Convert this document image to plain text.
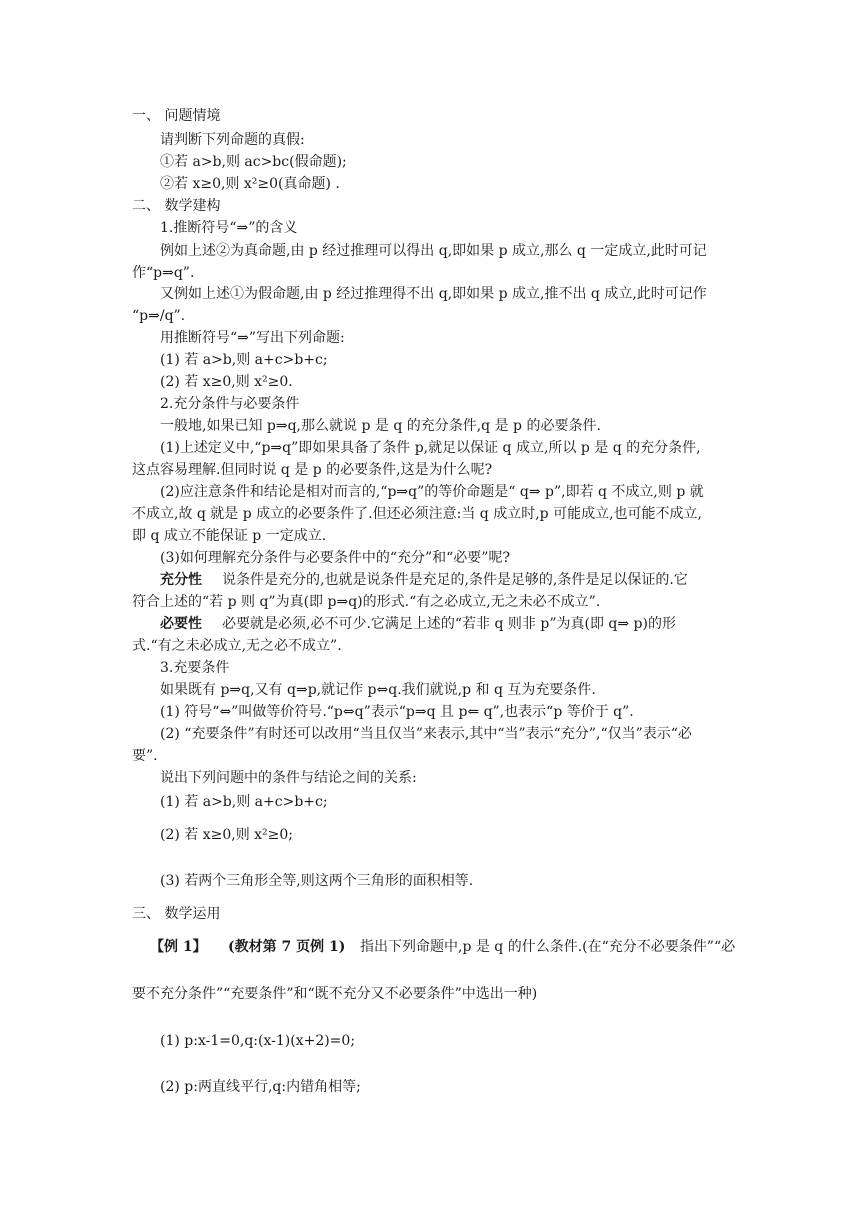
一、 问题情境
请判断下列命题的真假:
①若 a>b,则 ac>bc(假命题);
②若 x≥0,则 x²≥0(真命题) .
二、 数学建构
1.推断符号“⇒”的含义
例如上述②为真命题,由 p 经过推理可以得出 q,即如果 p 成立,那么 q 一定成立,此时可记
作“p⇒q”.
又例如上述①为假命题,由 p 经过推理得不出 q,即如果 p 成立,推不出 q 成立,此时可记作
“p⇒/q”.
用推断符号“⇒”写出下列命题:
(1) 若 a>b,则 a+c>b+c;
(2) 若 x≥0,则 x²≥0.
2.充分条件与必要条件
一般地,如果已知 p⇒q,那么就说 p 是 q 的充分条件,q 是 p 的必要条件.
(1)上述定义中,“p⇒q”即如果具备了条件 p,就足以保证 q 成立,所以 p 是 q 的充分条件,
这点容易理解.但同时说 q 是 p 的必要条件,这是为什么呢?
(2)应注意条件和结论是相对而言的,“p⇒q”的等价命题是“ q⇒ p”,即若 q 不成立,则 p 就
不成立,故 q 就是 p 成立的必要条件了.但还必须注意:当 q 成立时,p 可能成立,也可能不成立,
即 q 成立不能保证 p 一定成立.
(3)如何理解充分条件与必要条件中的“充分”和“必要”呢?
充分性 说条件是充分的,也就是说条件是充足的,条件是足够的,条件是足以保证的.它
符合上述的“若 p 则 q”为真(即 p⇒q)的形式.“有之必成立,无之未必不成立”.
必要性 必要就是必须,必不可少.它满足上述的“若非 q 则非 p”为真(即 q⇒ p)的形
式.“有之未必成立,无之必不成立”.
3.充要条件
如果既有 p⇒q,又有 q⇒p,就记作 p⇔q.我们就说,p 和 q 互为充要条件.
(1) 符号“⇔”叫做等价符号.“p⇔q”表示“p⇒q 且 p⇐ q”,也表示“p 等价于 q”.
(2) “充要条件”有时还可以改用“当且仅当”来表示,其中“当”表示“充分”,“仅当”表示“必
要”.
说出下列问题中的条件与结论之间的关系:
(1) 若 a>b,则 a+c>b+c;
(2) 若 x≥0,则 x²≥0;
(3) 若两个三角形全等,则这两个三角形的面积相等.
三、 数学运用
【例 1】 (教材第 7 页例 1) 指出下列命题中,p 是 q 的什么条件.(在“充分不必要条件”“必
要不充分条件”“充要条件”和“既不充分又不必要条件”中选出一种)
(1) p:x-1=0,q:(x-1)(x+2)=0;
(2) p:两直线平行,q:内错角相等;
